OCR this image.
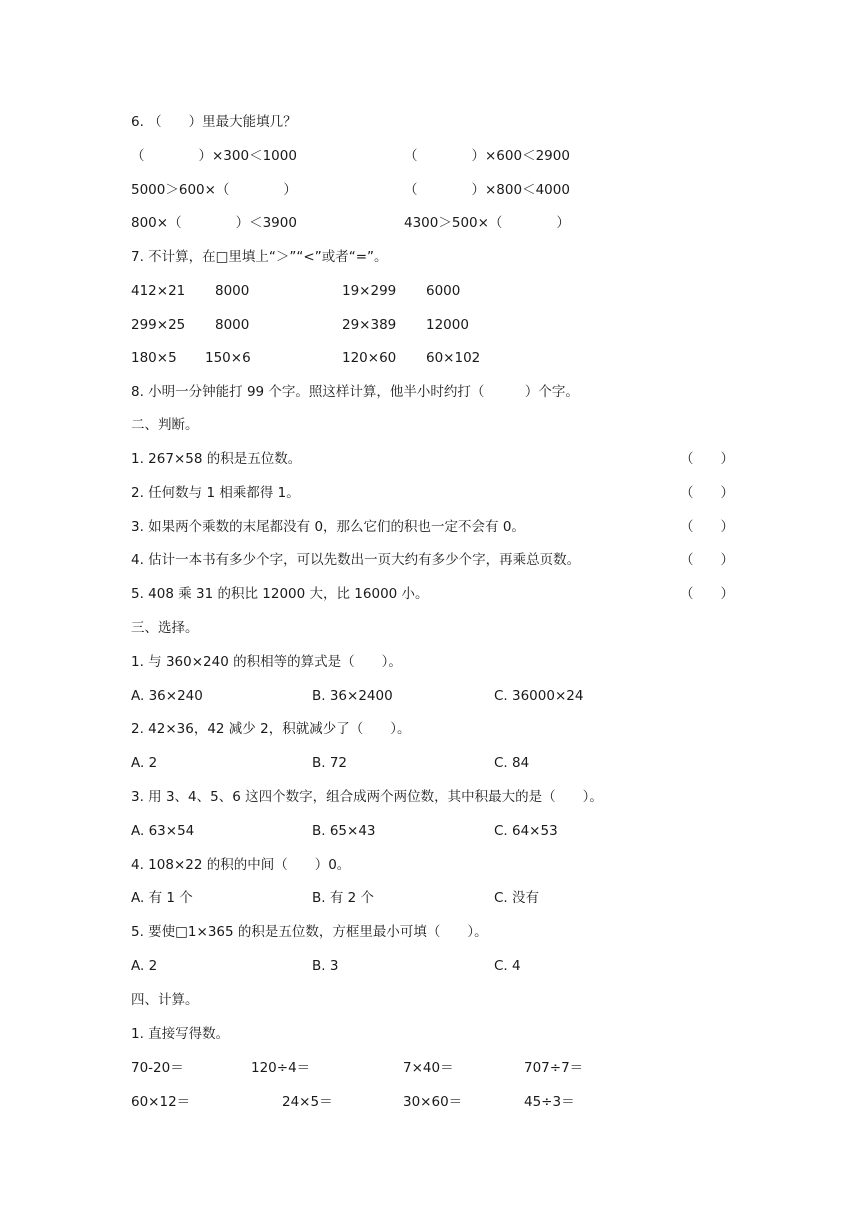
6. （　　）里最大能填几？
（　　　　）×300＜1000	（　　　　）×600＜2900
5000＞600×（　　　　）	（　　　　）×800＜4000
800×（　　　　）＜3900	4300＞500×（　　　　）
7. 不计算，在□里填上“＞”“<”或者“=”。
412×21 8000	19×299 6000
299×25 8000	29×389 12000
180×5 150×6	120×60 60×102
8. 小明一分钟能打 99 个字。照这样计算，他半小时约打（　　　）个字。
二、判断。
1. 267×58 的积是五位数。	（　　）
2. 任何数与 1 相乘都得 1。	（　　）
3. 如果两个乘数的末尾都没有 0，那么它们的积也一定不会有 0。	（　　）
4. 估计一本书有多少个字，可以先数出一页大约有多少个字，再乘总页数。	（　　）
5. 408 乘 31 的积比 12000 大，比 16000 小。	（　　）
三、选择。
1. 与 360×240 的积相等的算式是（　　）。
A. 36×240	B. 36×2400	C. 36000×24
2. 42×36，42 减少 2，积就减少了（　　）。
A. 2	B. 72	C. 84
3. 用 3、4、5、6 这四个数字，组合成两个两位数，其中积最大的是（　　）。
A. 63×54	B. 65×43	C. 64×53
4. 108×22 的积的中间（　　）0。
A. 有 1 个	B. 有 2 个	C. 没有
5. 要使□1×365 的积是五位数，方框里最小可填（　　）。
A. 2	B. 3	C. 4
四、计算。
1. 直接写得数。
70-20＝	120÷4＝	7×40＝	707÷7＝
60×12＝	24×5＝	30×60＝	45÷3＝
